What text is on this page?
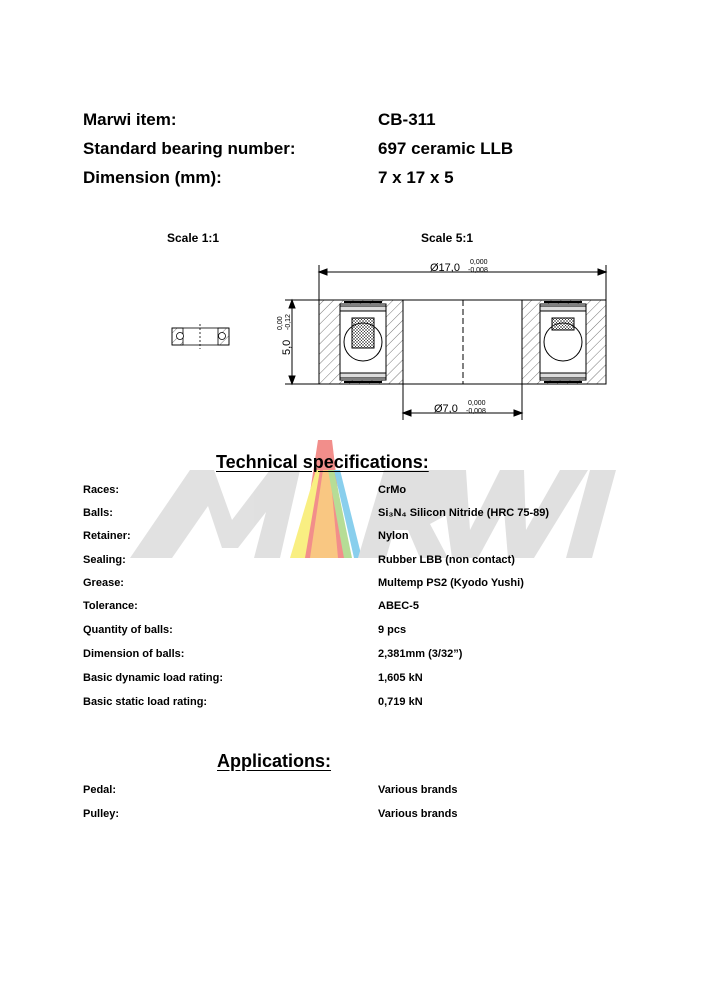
Marwi item:	CB-311
Standard bearing number:	697 ceramic LLB
Dimension (mm):	7 x 17 x 5
Scale 1:1	Scale 5:1
Ø17,0 0,000
-0,008
Ø7,0 0,000
-0,008
5,0
0,00 -0,12
Technical specifications:
Races:	CrMo
Balls:	Si₃N₄ Silicon Nitride (HRC 75-89)
Retainer:	Nylon
Sealing:	Rubber LBB (non contact)
Grease:	Multemp PS2 (Kyodo Yushi)
Tolerance:	ABEC-5
Quantity of balls:	9 pcs
Dimension of balls:	2,381mm (3/32”)
Basic dynamic load rating:	1,605 kN
Basic static load rating:	0,719 kN
Applications:
Pedal:	Various brands
Pulley:	Various brands
